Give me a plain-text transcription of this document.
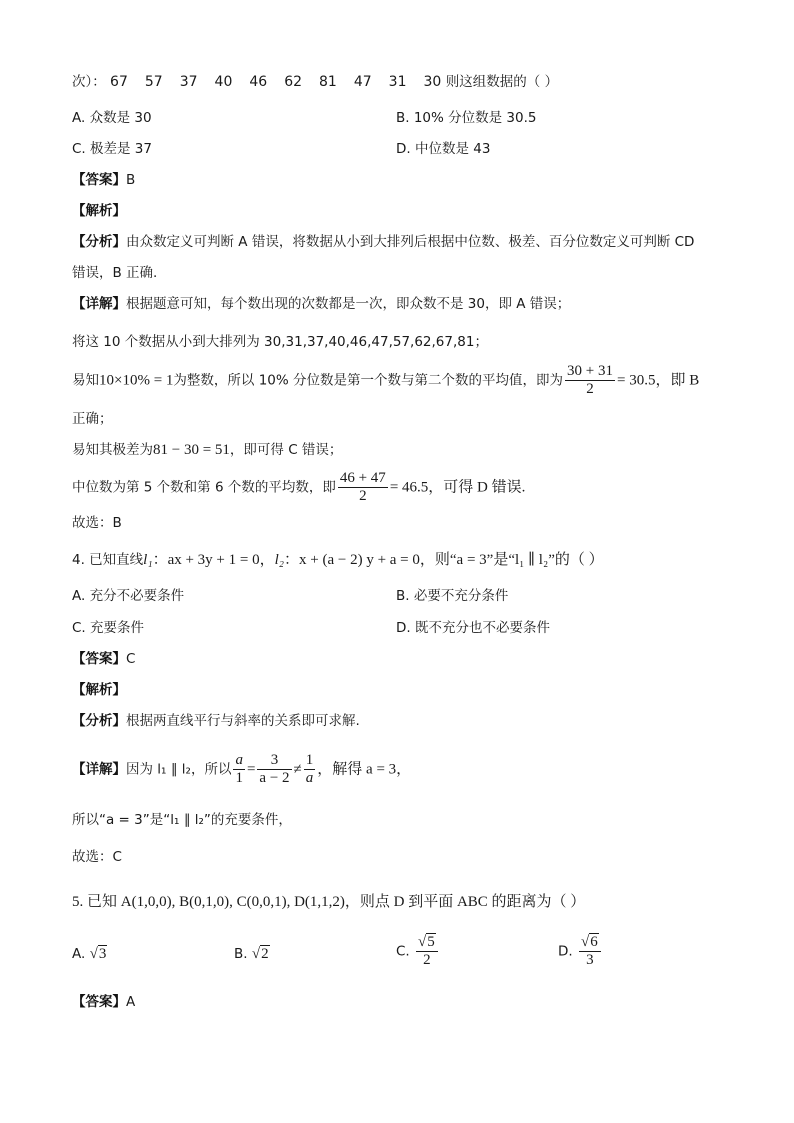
次）： 67 57 37 40 46 62 81 47 31 30 则这组数据的（ ）
A. 众数是 30	B. 10% 分位数是 30.5
C. 极差是 37	D. 中位数是 43
【答案】B
【解析】
【分析】由众数定义可判断 A 错误，将数据从小到大排列后根据中位数、极差、百分位数定义可判断 CD
错误，B 正确.
【详解】根据题意可知，每个数出现的次数都是一次，即众数不是 30，即 A 错误；
将这 10 个数据从小到大排列为 30,31,37,40,46,47,57,62,67,81；
易知10×10% = 1为整数，所以 10% 分位数是第一个数与第二个数的平均值，即为 $\frac{30 + 31}{2} = 30.5$，即 B
正确；
易知其极差为81 − 30 = 51，即可得 C 错误；
中位数为第 5 个数和第 6 个数的平均数，即 $\frac{46 + 47}{2} = 46.5$，可得 D 错误.
故选：B
4. 已知直线l₁：ax + 3y + 1 = 0，l₂：x + (a − 2) y + a = 0，则“a = 3”是“l₁ ∥ l₂”的（ ）
A. 充分不必要条件	B. 必要不充分条件
C. 充要条件	D. 既不充分也不必要条件
【答案】C
【解析】
【分析】根据两直线平行与斜率的关系即可求解.
【详解】因为 l₁ ∥ l₂，所以 $\frac{a}{1} = \frac{3}{a - 2} \ne \frac{1}{a}$ ，解得 a = 3，
所以“a = 3”是“l₁ ∥ l₂”的充要条件，
故选：C
5. 已知 A(1,0,0), B(0,1,0), C(0,0,1), D(1,1,2)，则点 D 到平面 ABC 的距离为（ ）
A. √3	B. √2	C. $\frac{√5}{2}$	D. $\frac{√6}{3}$
【答案】A
